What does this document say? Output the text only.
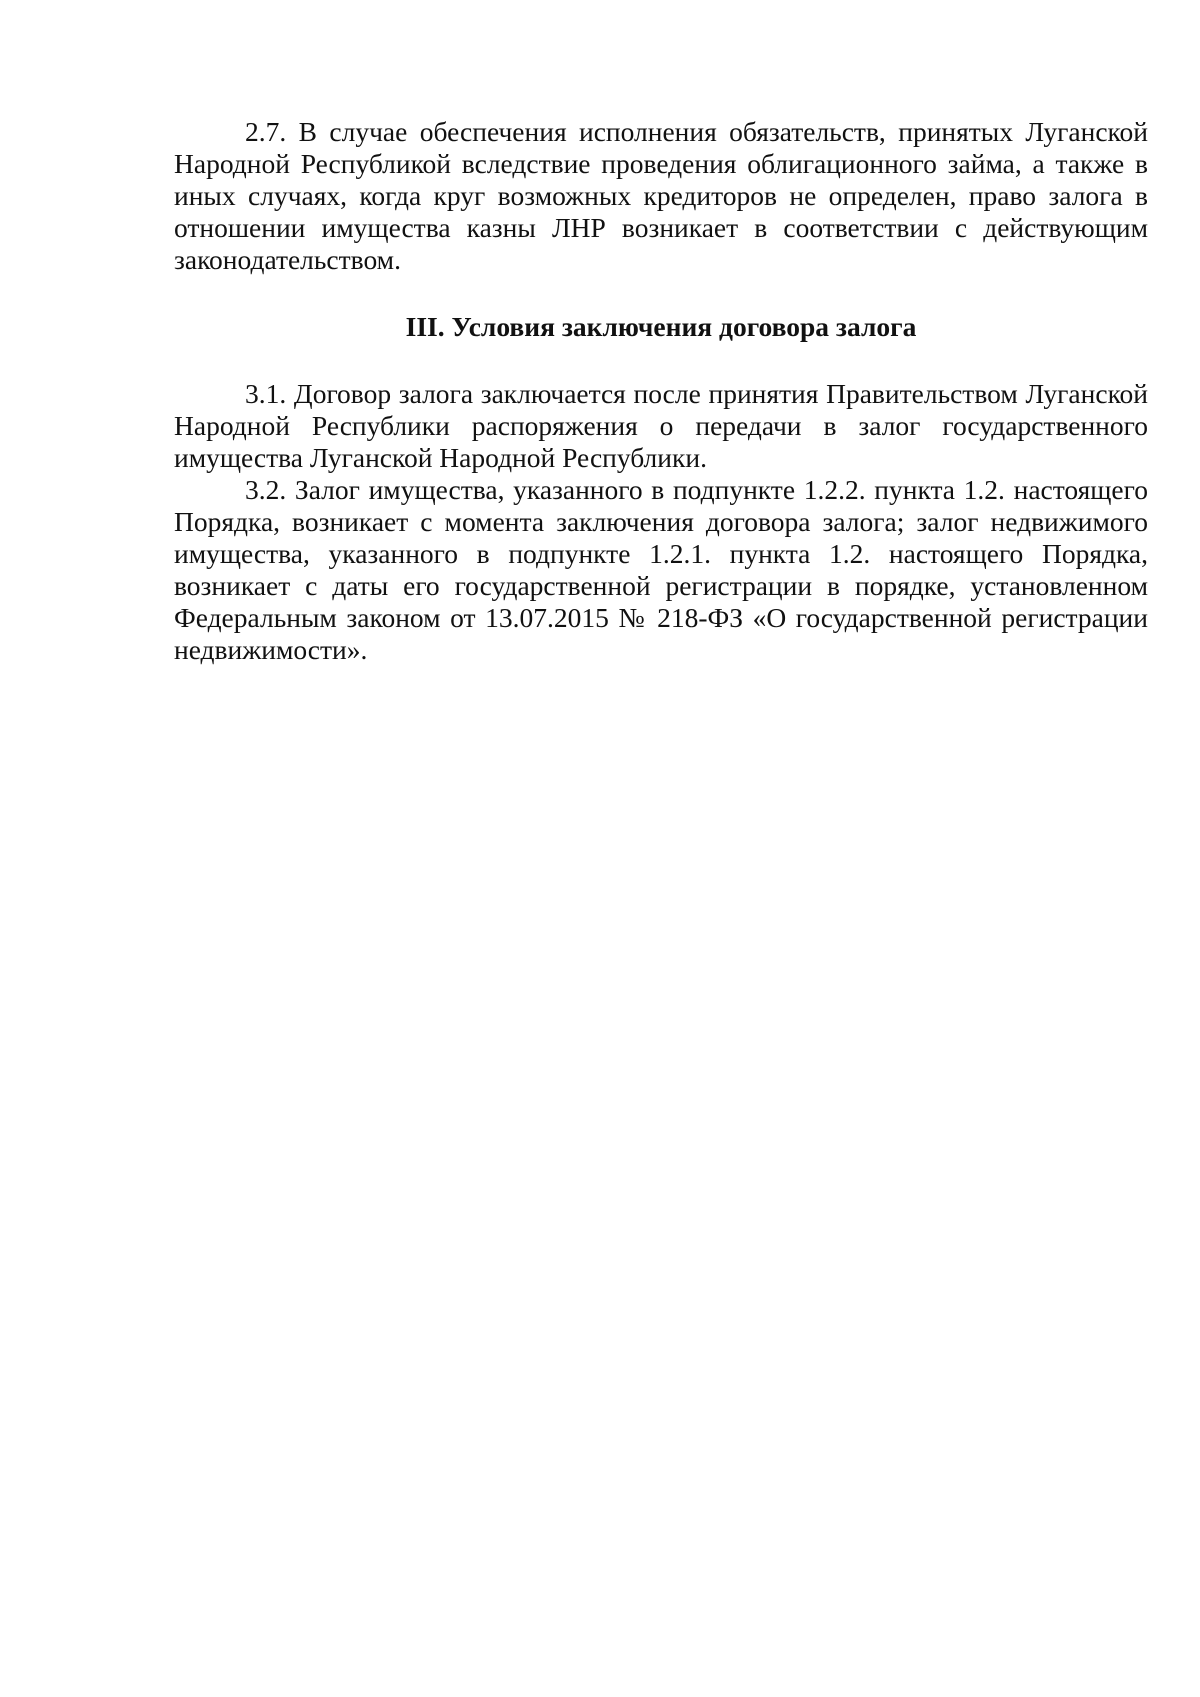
2.7. В случае обеспечения исполнения обязательств, принятых Луганской Народной Республикой вследствие проведения облигационного займа, а также в иных случаях, когда круг возможных кредиторов не определен, право залога в отношении имущества казны ЛНР возникает в соответствии с действующим законодательством.

III. Условия заключения договора залога

3.1. Договор залога заключается после принятия Правительством Луганской Народной Республики распоряжения о передачи в залог государственного имущества Луганской Народной Республики.

3.2. Залог имущества, указанного в подпункте 1.2.2. пункта 1.2. настоящего Порядка, возникает с момента заключения договора залога; залог недвижимого имущества, указанного в подпункте 1.2.1. пункта 1.2. настоящего Порядка, возникает с даты его государственной регистрации в порядке, установленном Федеральным законом от 13.07.2015 № 218-ФЗ «О государственной регистрации недвижимости».
